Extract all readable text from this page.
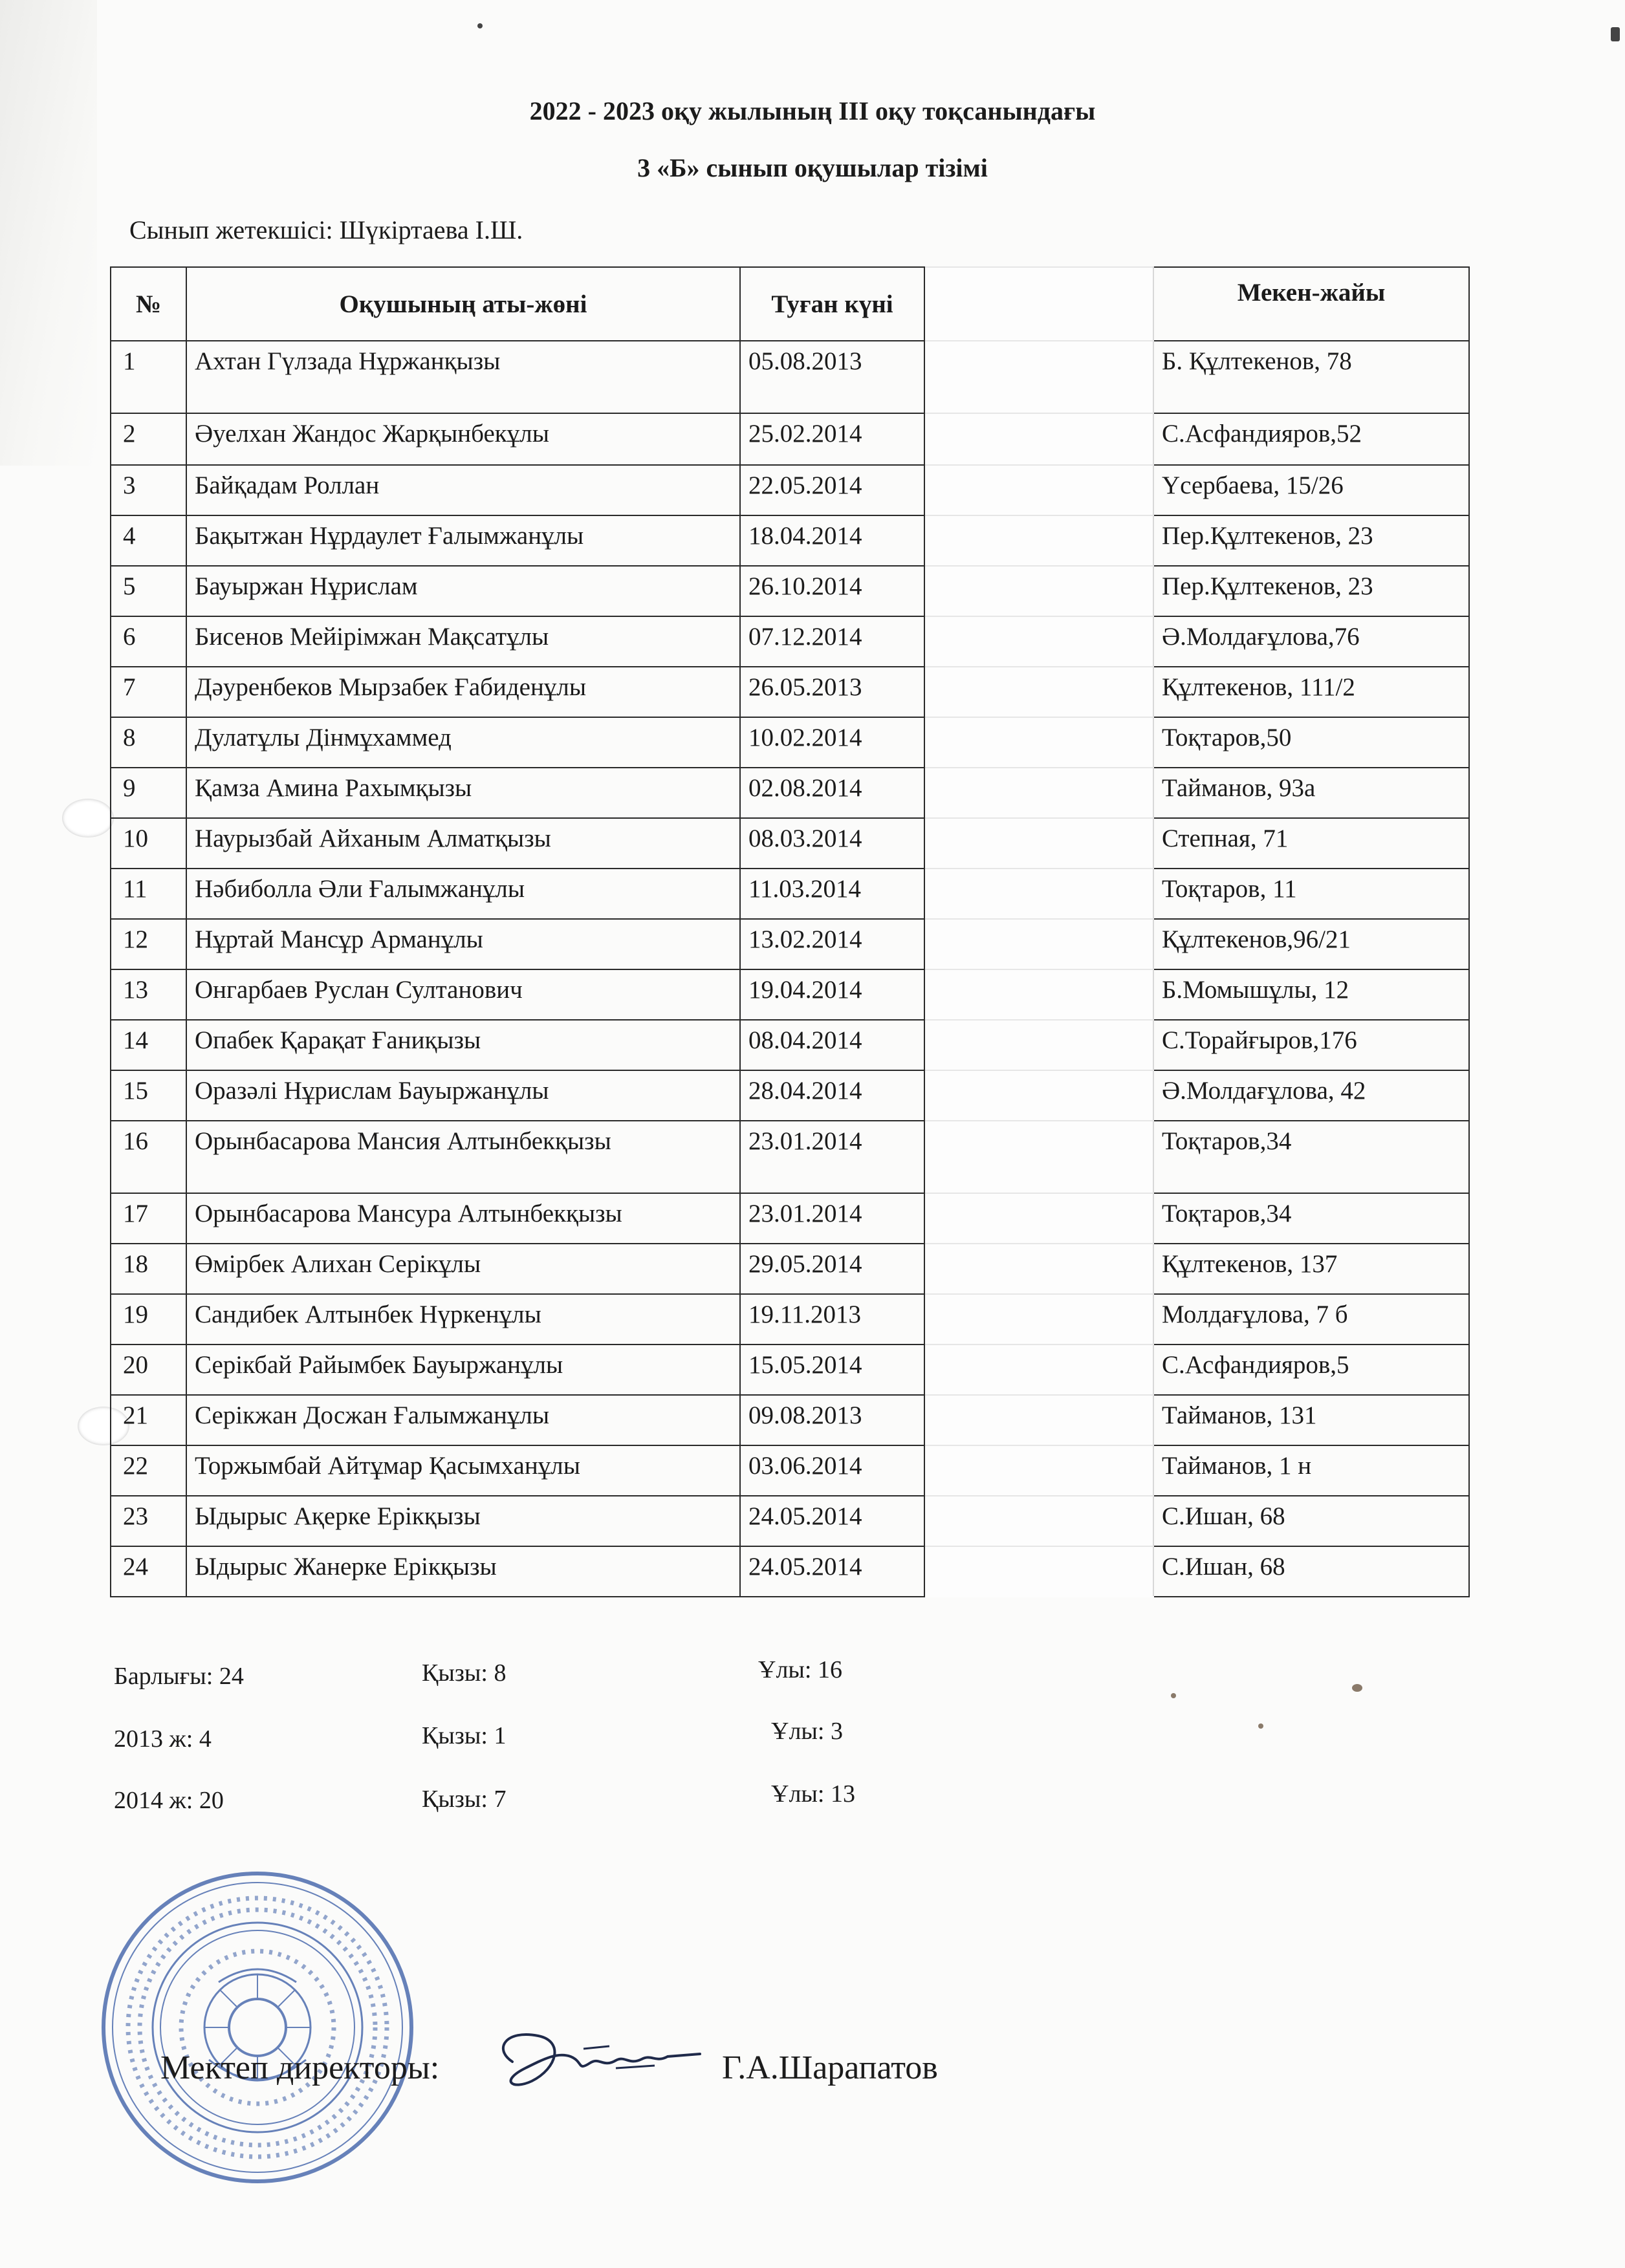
2022 - 2023 оқу жылының ІІІ оқу тоқсанындағы
3 «Б» сынып оқушылар тізімі
Сынып жетекшісі: Шүкіртаева І.Ш.
№	Оқушының аты-жөні	Туған күні		Мекен-жайы
1	Ахтан Гүлзада Нұржанқызы	05.08.2013		Б. Құлтекенов, 78
2	Әуелхан Жандос Жарқынбекұлы	25.02.2014		С.Асфандияров,52
3	Байқадам Роллан	22.05.2014		Үсербаева, 15/26
4	Бақытжан Нұрдаулет Ғалымжанұлы	18.04.2014		Пер.Құлтекенов, 23
5	Бауыржан Нұрислам	26.10.2014		Пер.Құлтекенов, 23
6	Бисенов Мейірімжан Мақсатұлы	07.12.2014		Ә.Молдағұлова,76
7	Дәуренбеков Мырзабек Ғабиденұлы	26.05.2013		Құлтекенов, 111/2
8	Дулатұлы Дінмұхаммед	10.02.2014		Тоқтаров,50
9	Қамза Амина Рахымқызы	02.08.2014		Тайманов, 93а
10	Наурызбай Айханым Алматқызы	08.03.2014		Степная, 71
11	Нәбиболла Әли Ғалымжанұлы	11.03.2014		Тоқтаров, 11
12	Нұртай Мансұр Арманұлы	13.02.2014		Құлтекенов,96/21
13	Онгарбаев Руслан Султанович	19.04.2014		Б.Момышұлы, 12
14	Опабек Қарақат Ғаниқызы	08.04.2014		С.Торайғыров,176
15	Оразәлі Нұрислам Бауыржанұлы	28.04.2014		Ә.Молдағұлова, 42
16	Орынбасарова Мансия Алтынбекқызы	23.01.2014		Тоқтаров,34
17	Орынбасарова Мансура Алтынбекқызы	23.01.2014		Тоқтаров,34
18	Өмірбек Алихан Серікұлы	29.05.2014		Құлтекенов, 137
19	Сандибек Алтынбек Нүркенұлы	19.11.2013		Молдағұлова, 7 б
20	Серікбай Райымбек Бауыржанұлы	15.05.2014		С.Асфандияров,5
21	Серікжан Досжан Ғалымжанұлы	09.08.2013		Тайманов, 131
22	Торжымбай Айтұмар Қасымханұлы	03.06.2014		Тайманов, 1 н
23	Ыдырыс Ақерке Ерікқызы	24.05.2014		С.Ишан, 68
24	Ыдырыс Жанерке Ерікқызы	24.05.2014		С.Ишан, 68
Барлығы: 24	Қызы: 8	Ұлы: 16
2013 ж: 4	Қызы: 1	Ұлы: 3
2014 ж: 20	Қызы: 7	Ұлы: 13
Мектеп директоры:	Г.А.Шарапатов
